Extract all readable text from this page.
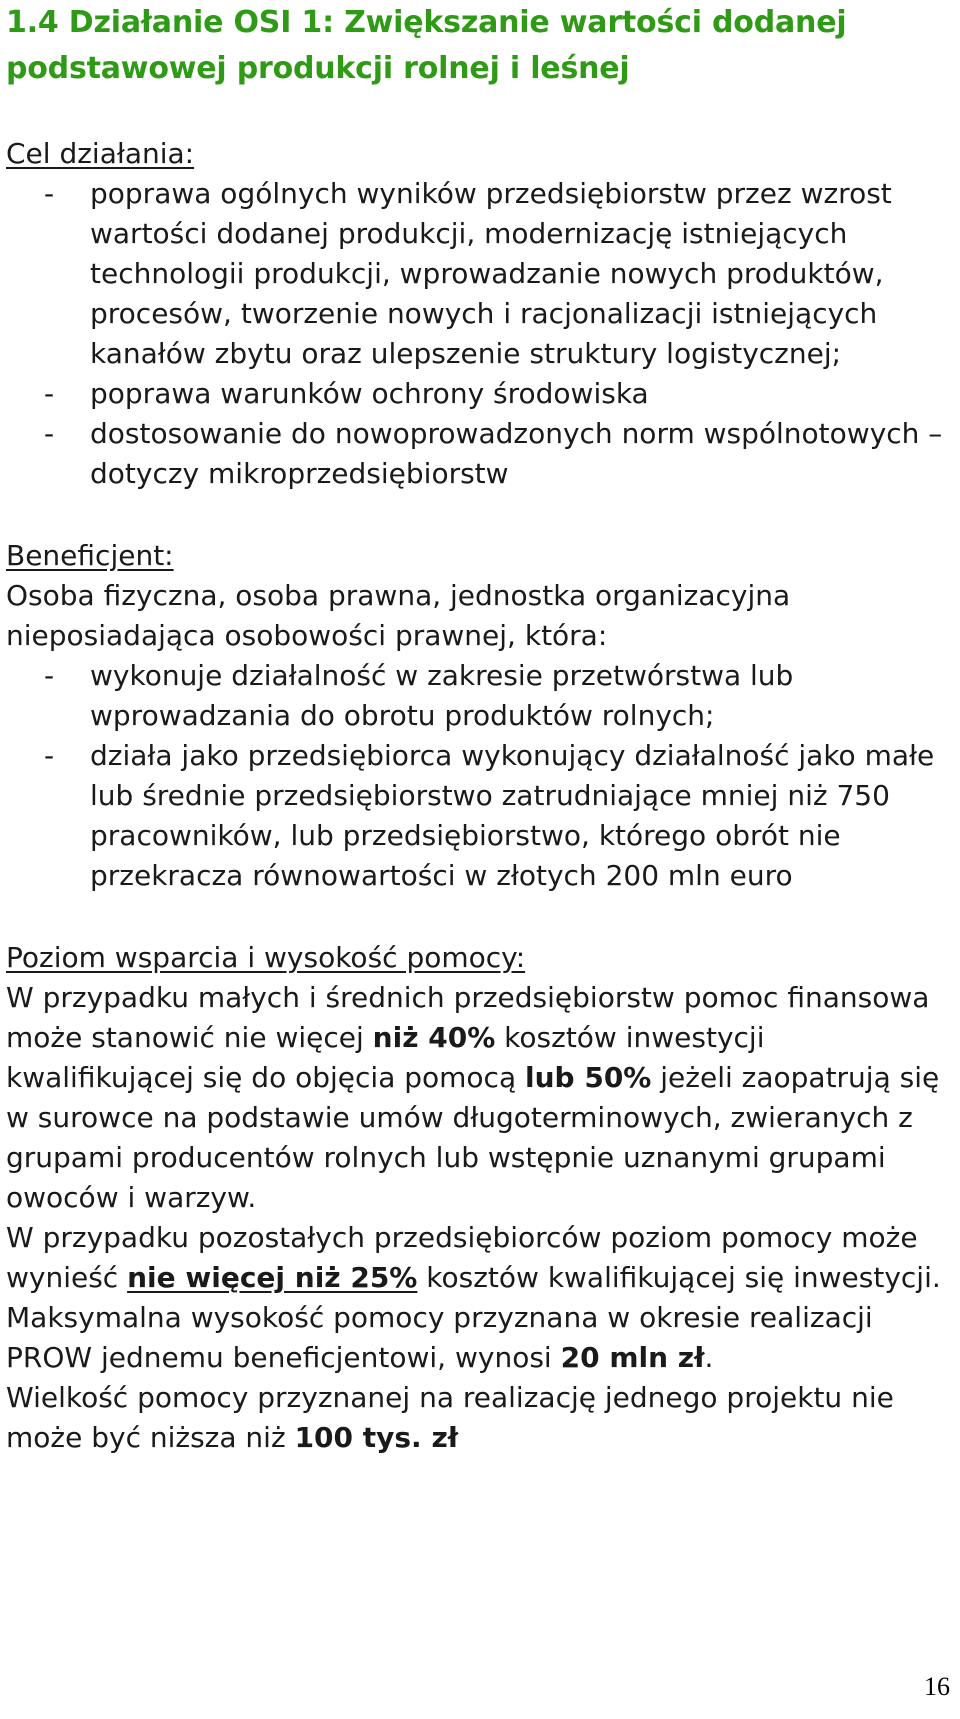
1.4 Działanie OSI 1: Zwiększanie wartości dodanej
podstawowej produkcji rolnej i leśnej

Cel działania:

- poprawa ogólnych wyników przedsiębiorstw przez wzrost wartości dodanej produkcji, modernizację istniejących technologii produkcji, wprowadzanie nowych produktów, procesów, tworzenie nowych i racjonalizacji istniejących kanałów zbytu oraz ulepszenie struktury logistycznej;
- poprawa warunków ochrony środowiska
- dostosowanie do nowoprowadzonych norm wspólnotowych – dotyczy mikroprzedsiębiorstw

Beneficjent:

Osoba fizyczna, osoba prawna, jednostka organizacyjna nieposiadająca osobowości prawnej, która:

- wykonuje działalność w zakresie przetwórstwa lub wprowadzania do obrotu produktów rolnych;
- działa jako przedsiębiorca wykonujący działalność jako małe lub średnie przedsiębiorstwo zatrudniające mniej niż 750 pracowników, lub przedsiębiorstwo, którego obrót nie przekracza równowartości w złotych 200 mln euro

Poziom wsparcia i wysokość pomocy:

W przypadku małych i średnich przedsiębiorstw pomoc finansowa może stanowić nie więcej niż 40% kosztów inwestycji kwalifikującej się do objęcia pomocą lub 50% jeżeli zaopatrują się w surowce na podstawie umów długoterminowych, zwieranych z grupami producentów rolnych lub wstępnie uznanymi grupami owoców i warzyw.

W przypadku pozostałych przedsiębiorców poziom pomocy może wynieść nie więcej niż 25% kosztów kwalifikującej się inwestycji.

Maksymalna wysokość pomocy przyznana w okresie realizacji PROW jednemu beneficjentowi, wynosi 20 mln zł.

Wielkość pomocy przyznanej na realizację jednego projektu nie może być niższa niż 100 tys. zł

16
